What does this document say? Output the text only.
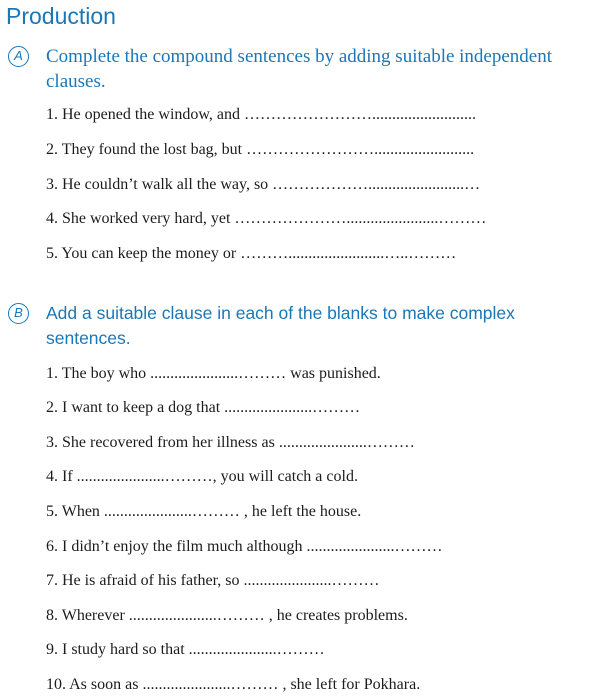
Production
A	Complete the compound sentences by adding suitable independent clauses.
1. He opened the window, and ……………………..........................
2. They found the lost bag, but …………………….........................
3. He couldn’t walk all the way, so ………………........................…
4. She worked very hard, yet ………………….......................………
5. You can keep the money or ………........................…..………
B	Add a suitable clause in each of the blanks to make complex sentences.
1. The boy who ......................……… was punished.
2. I want to keep a dog that ......................………
3. She recovered from her illness as ......................………
4. If ......................………, you will catch a cold.
5. When ......................……… , he left the house.
6. I didn’t enjoy the film much although ......................………
7. He is afraid of his father, so ......................………
8. Wherever ......................……… , he creates problems.
9. I study hard so that ......................………
10. As soon as ......................……… , she left for Pokhara.
